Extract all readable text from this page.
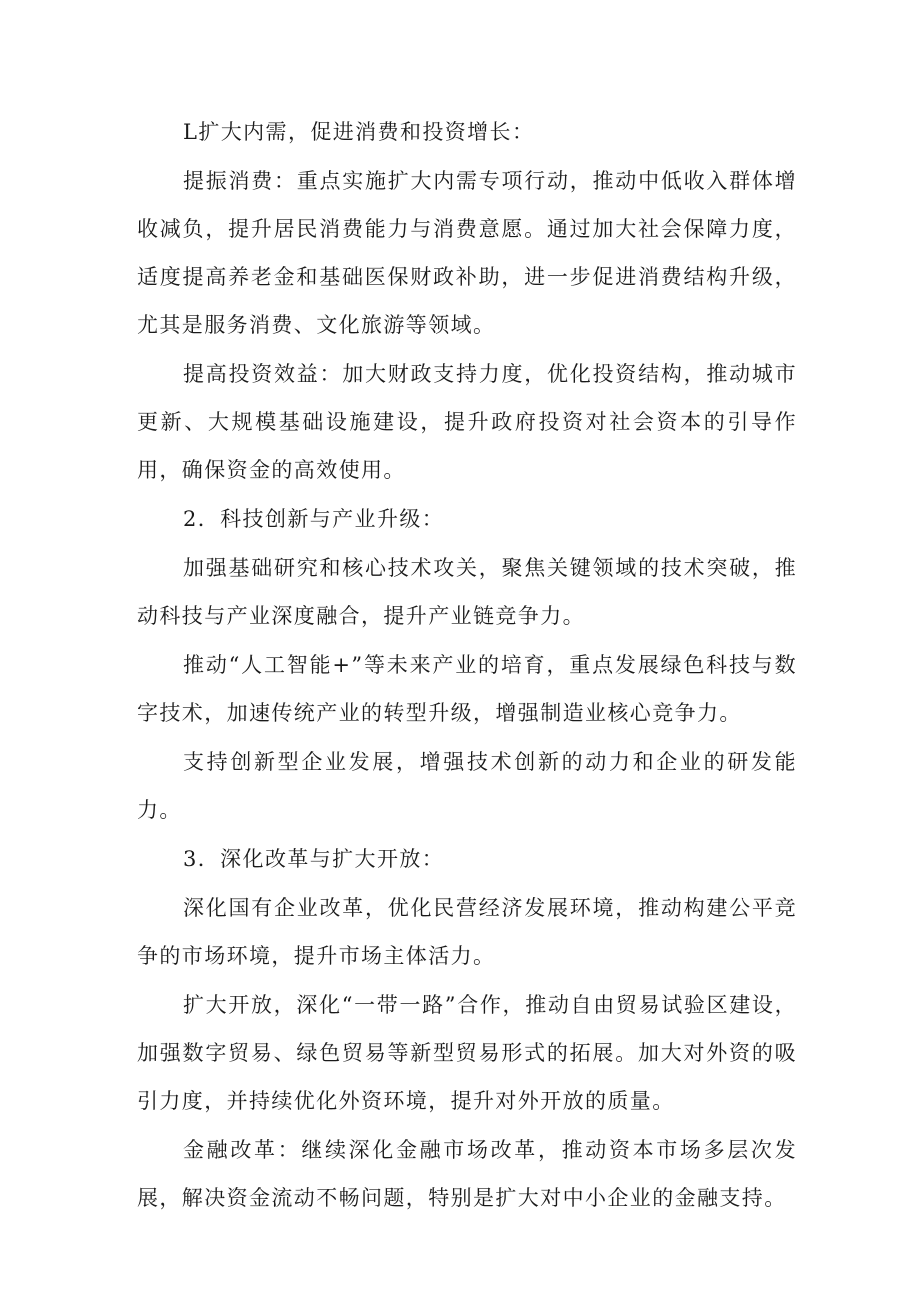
L扩大内需，促进消费和投资增长：

提振消费：重点实施扩大内需专项行动，推动中低收入群体增收减负，提升居民消费能力与消费意愿。通过加大社会保障力度，适度提高养老金和基础医保财政补助，进一步促进消费结构升级，尤其是服务消费、文化旅游等领域。

提高投资效益：加大财政支持力度，优化投资结构，推动城市更新、大规模基础设施建设，提升政府投资对社会资本的引导作用，确保资金的高效使用。

2．科技创新与产业升级：

加强基础研究和核心技术攻关，聚焦关键领域的技术突破，推动科技与产业深度融合，提升产业链竞争力。

推动“人工智能+”等未来产业的培育，重点发展绿色科技与数字技术，加速传统产业的转型升级，增强制造业核心竞争力。

支持创新型企业发展，增强技术创新的动力和企业的研发能力。

3．深化改革与扩大开放：

深化国有企业改革，优化民营经济发展环境，推动构建公平竞争的市场环境，提升市场主体活力。

扩大开放，深化“一带一路”合作，推动自由贸易试验区建设，加强数字贸易、绿色贸易等新型贸易形式的拓展。加大对外资的吸引力度，并持续优化外资环境，提升对外开放的质量。

金融改革：继续深化金融市场改革，推动资本市场多层次发展，解决资金流动不畅问题，特别是扩大对中小企业的金融支持。
